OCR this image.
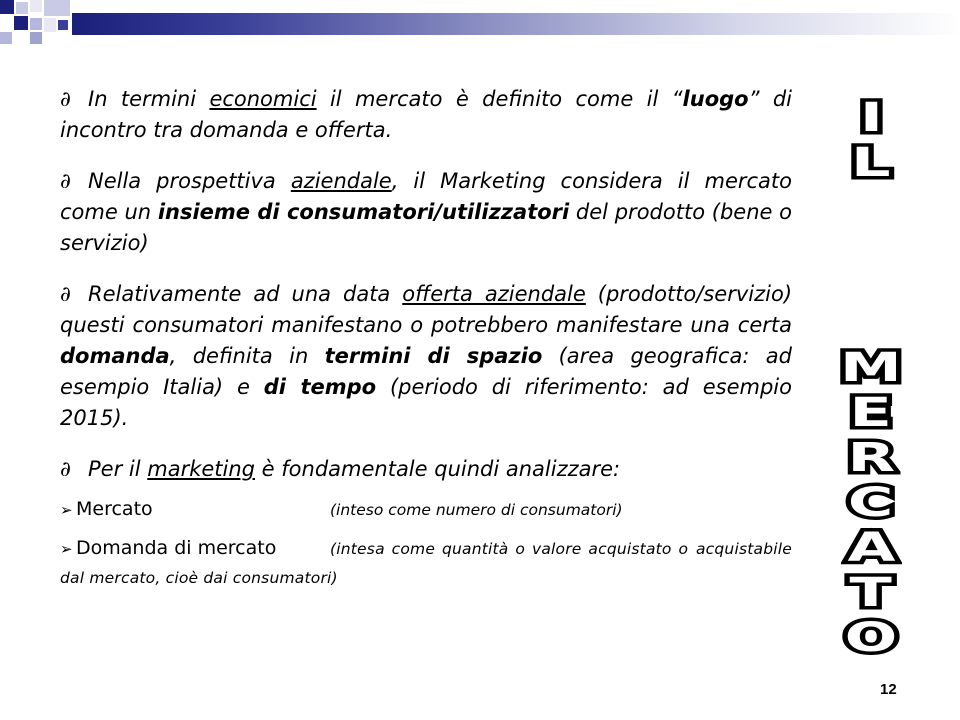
∂ In termini economici il mercato è definito come il “luogo” di incontro tra domanda e offerta.

∂ Nella prospettiva aziendale, il Marketing considera il mercato come un insieme di consumatori/utilizzatori del prodotto (bene o servizio)

∂ Relativamente ad una data offerta aziendale (prodotto/servizio) questi consumatori manifestano o potrebbero manifestare una certa domanda, definita in termini di spazio (area geografica: ad esempio Italia) e di tempo (periodo di riferimento: ad esempio 2015).

∂ Per il marketing è fondamentale quindi analizzare:

➢ Mercato	(inteso come numero di consumatori)
➢ Domanda di mercato	(intesa come quantità o valore acquistato o acquistabile dal mercato, cioè dai consumatori)
I
L
M
E
R
C
A
T
O
12
